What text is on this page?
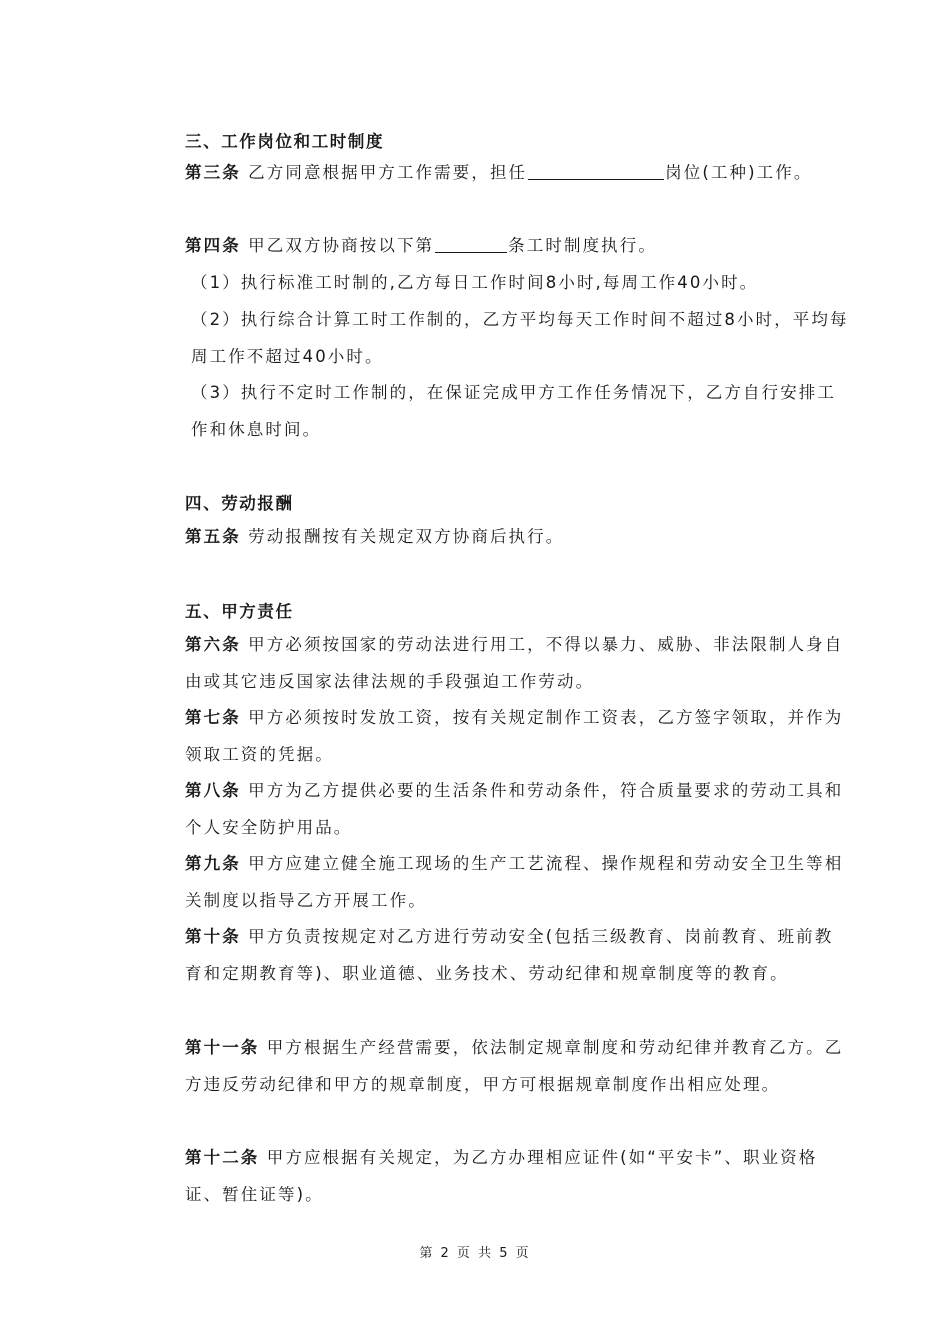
三、工作岗位和工时制度
第三条 乙方同意根据甲方工作需要，担任	岗位(工种)工作。
第四条 甲乙双方协商按以下第	条工时制度执行。
（1）执行标准工时制的,乙方每日工作时间8小时,每周工作40小时。
（2）执行综合计算工时工作制的，乙方平均每天工作时间不超过8小时，平均每周工作不超过40小时。
（3）执行不定时工作制的，在保证完成甲方工作任务情况下，乙方自行安排工作和休息时间。
四、劳动报酬
第五条 劳动报酬按有关规定双方协商后执行。
五、甲方责任
第六条 甲方必须按国家的劳动法进行用工，不得以暴力、威胁、非法限制人身自由或其它违反国家法律法规的手段强迫工作劳动。
第七条 甲方必须按时发放工资，按有关规定制作工资表，乙方签字领取，并作为领取工资的凭据。
第八条 甲方为乙方提供必要的生活条件和劳动条件，符合质量要求的劳动工具和个人安全防护用品。
第九条 甲方应建立健全施工现场的生产工艺流程、操作规程和劳动安全卫生等相关制度以指导乙方开展工作。
第十条 甲方负责按规定对乙方进行劳动安全(包括三级教育、岗前教育、班前教育和定期教育等)、职业道德、业务技术、劳动纪律和规章制度等的教育。
第十一条 甲方根据生产经营需要，依法制定规章制度和劳动纪律并教育乙方。乙方违反劳动纪律和甲方的规章制度，甲方可根据规章制度作出相应处理。
第十二条 甲方应根据有关规定，为乙方办理相应证件(如“平安卡”、职业资格证、暂住证等)。
第 2 页 共 5 页
